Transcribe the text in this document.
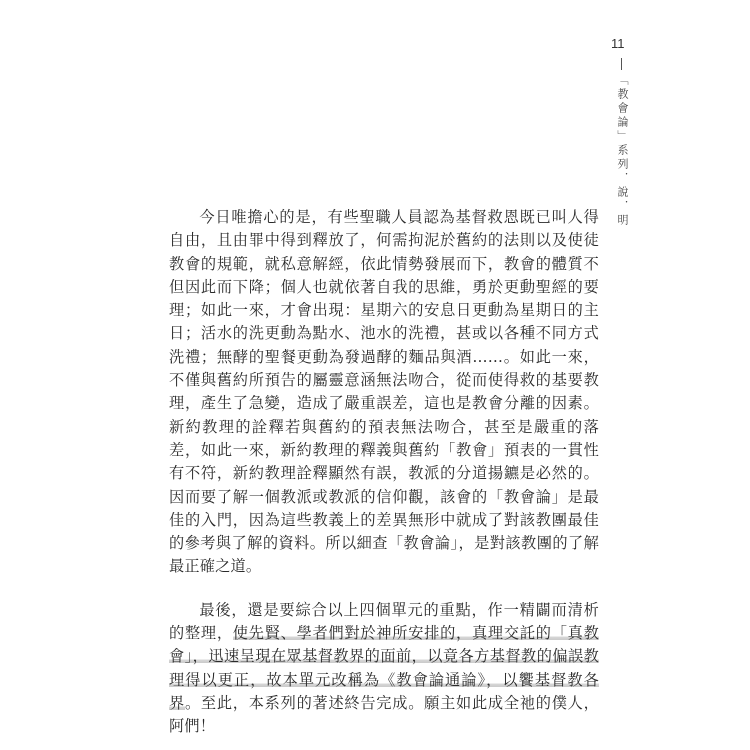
11
「教會論」系列．說．明

今日唯擔心的是，有些聖職人員認為基督救恩既已叫人得自由，且由罪中得到釋放了，何需拘泥於舊約的法則以及使徒教會的規範，就私意解經，依此情勢發展而下，教會的體質不但因此而下降；個人也就依著自我的思維，勇於更動聖經的要理；如此一來，才會出現：星期六的安息日更動為星期日的主日；活水的洗更動為點水、池水的洗禮，甚或以各種不同方式洗禮；無酵的聖餐更動為發過酵的麵品與酒……。如此一來，不僅與舊約所預告的屬靈意涵無法吻合，從而使得救的基要教理，產生了急變，造成了嚴重誤差，這也是教會分離的因素。新約教理的詮釋若與舊約的預表無法吻合，甚至是嚴重的落差，如此一來，新約教理的釋義與舊約「教會」預表的一貫性有不符，新約教理詮釋顯然有誤，教派的分道揚鑣是必然的。因而要了解一個教派或教派的信仰觀，該會的「教會論」是最佳的入門，因為這些教義上的差異無形中就成了對該教團最佳的參考與了解的資料。所以細查「教會論」，是對該教團的了解最正確之道。

最後，還是要綜合以上四個單元的重點，作一精闢而清析的整理，使先賢、學者們對於神所安排的，真理交託的「真教會」，迅速呈現在眾基督教界的面前，以竟各方基督教的偏誤教理得以更正，故本單元改稱為《教會論通論》，以饗基督教各界。至此，本系列的著述終告完成。願主如此成全祂的僕人，阿們！
